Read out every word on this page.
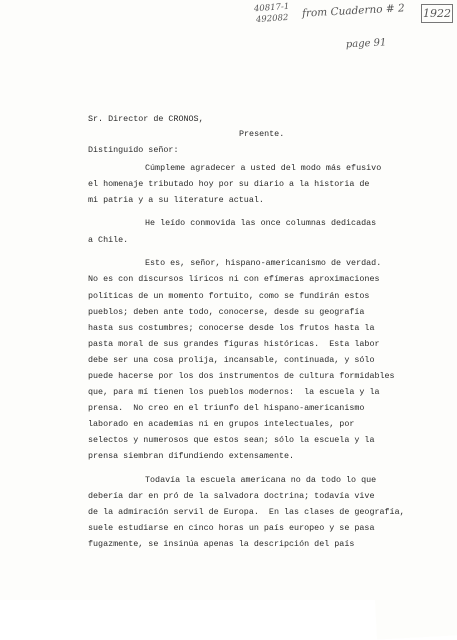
40817-1
492082 from Cuaderno # 2
page 91
1922
Sr. Director de CRONOS,
Presente.
Distinguido señor:
Cúmpleme agradecer a usted del modo más efusivo
el homenaje tributado hoy por su diario a la historia de
mi patria y a su literature actual.
He leído conmovida las once columnas dedicadas
a Chile.
Esto es, señor, hispano-americanismo de verdad.
No es con discursos líricos ni con efímeras aproximaciones
políticas de un momento fortuito, como se fundirán estos
pueblos; deben ante todo, conocerse, desde su geografía
hasta sus costumbres; conocerse desde los frutos hasta la
pasta moral de sus grandes figuras históricas.  Esta labor
debe ser una cosa prolija, incansable, continuada, y sólo
puede hacerse por los dos instrumentos de cultura formidables
que, para mí tienen los pueblos modernos:  la escuela y la
prensa.  No creo en el triunfo del hispano-americanismo
laborado en academias ni en grupos intelectuales, por
selectos y numerosos que estos sean; sólo la escuela y la
prensa siembran difundiendo extensamente.
Todavía la escuela americana no da todo lo que
debería dar en pró de la salvadora doctrina; todavía vive
de la admiración servil de Europa.  En las clases de geografía,
suele estudiarse en cinco horas un país europeo y se pasa
fugazmente, se insinúa apenas la descripción del país
